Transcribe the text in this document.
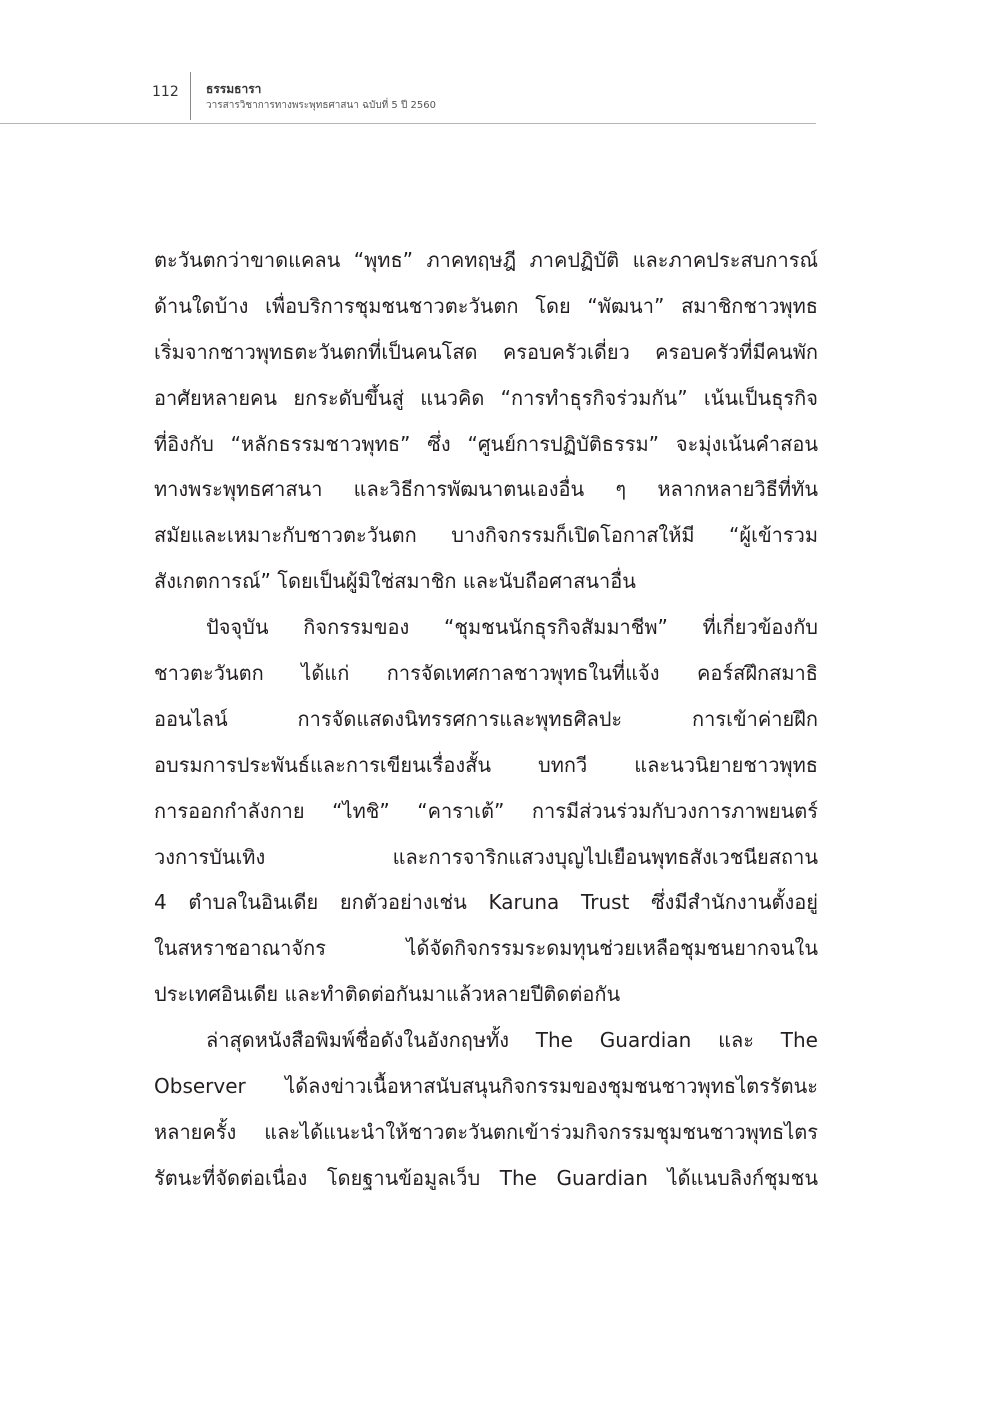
112 ธรรมธารา
วารสารวิชาการทางพระพุทธศาสนา ฉบับที่ 5 ปี 2560
ตะวันตกว่าขาดแคลน “พุทธ” ภาคทฤษฎี ภาคปฏิบัติ และภาคประสบการณ์
ด้านใดบ้าง เพื่อบริการชุมชนชาวตะวันตก โดย “พัฒนา” สมาชิกชาวพุทธ
เริ่มจากชาวพุทธตะวันตกที่เป็นคนโสด ครอบครัวเดี่ยว ครอบครัวที่มีคนพัก
อาศัยหลายคน ยกระดับขึ้นสู่ แนวคิด “การทำธุรกิจร่วมกัน” เน้นเป็นธุรกิจ
ที่อิงกับ “หลักธรรมชาวพุทธ” ซึ่ง “ศูนย์การปฏิบัติธรรม” จะมุ่งเน้นคำสอน
ทางพระพุทธศาสนา และวิธีการพัฒนาตนเองอื่น ๆ หลากหลายวิธีที่ทัน
สมัยและเหมาะกับชาวตะวันตก บางกิจกรรมก็เปิดโอกาสให้มี “ผู้เข้ารวม
สังเกตการณ์” โดยเป็นผู้มิใช่สมาชิก และนับถือศาสนาอื่น
ปัจจุบัน กิจกรรมของ “ชุมชนนักธุรกิจสัมมาชีพ” ที่เกี่ยวข้องกับ
ชาวตะวันตก ได้แก่ การจัดเทศกาลชาวพุทธในที่แจ้ง คอร์สฝึกสมาธิ
ออนไลน์ การจัดแสดงนิทรรศการและพุทธศิลปะ การเข้าค่ายฝึก
อบรมการประพันธ์และการเขียนเรื่องสั้น บทกวี และนวนิยายชาวพุทธ
การออกกำลังกาย “ไทชิ” “คาราเต้” การมีส่วนร่วมกับวงการภาพยนตร์
วงการบันเทิง และการจาริกแสวงบุญไปเยือนพุทธสังเวชนียสถาน
4 ตำบลในอินเดีย ยกตัวอย่างเช่น Karuna Trust ซึ่งมีสำนักงานตั้งอยู่
ในสหราชอาณาจักร ได้จัดกิจกรรมระดมทุนช่วยเหลือชุมชนยากจนใน
ประเทศอินเดีย และทำติดต่อกันมาแล้วหลายปีติดต่อกัน
ล่าสุดหนังสือพิมพ์ชื่อดังในอังกฤษทั้ง The Guardian และ The
Observer ได้ลงข่าวเนื้อหาสนับสนุนกิจกรรมของชุมชนชาวพุทธไตรรัตนะ
หลายครั้ง และได้แนะนำให้ชาวตะวันตกเข้าร่วมกิจกรรมชุมชนชาวพุทธไตร
รัตนะที่จัดต่อเนื่อง โดยฐานข้อมูลเว็บ The Guardian ได้แนบลิงก์ชุมชน
